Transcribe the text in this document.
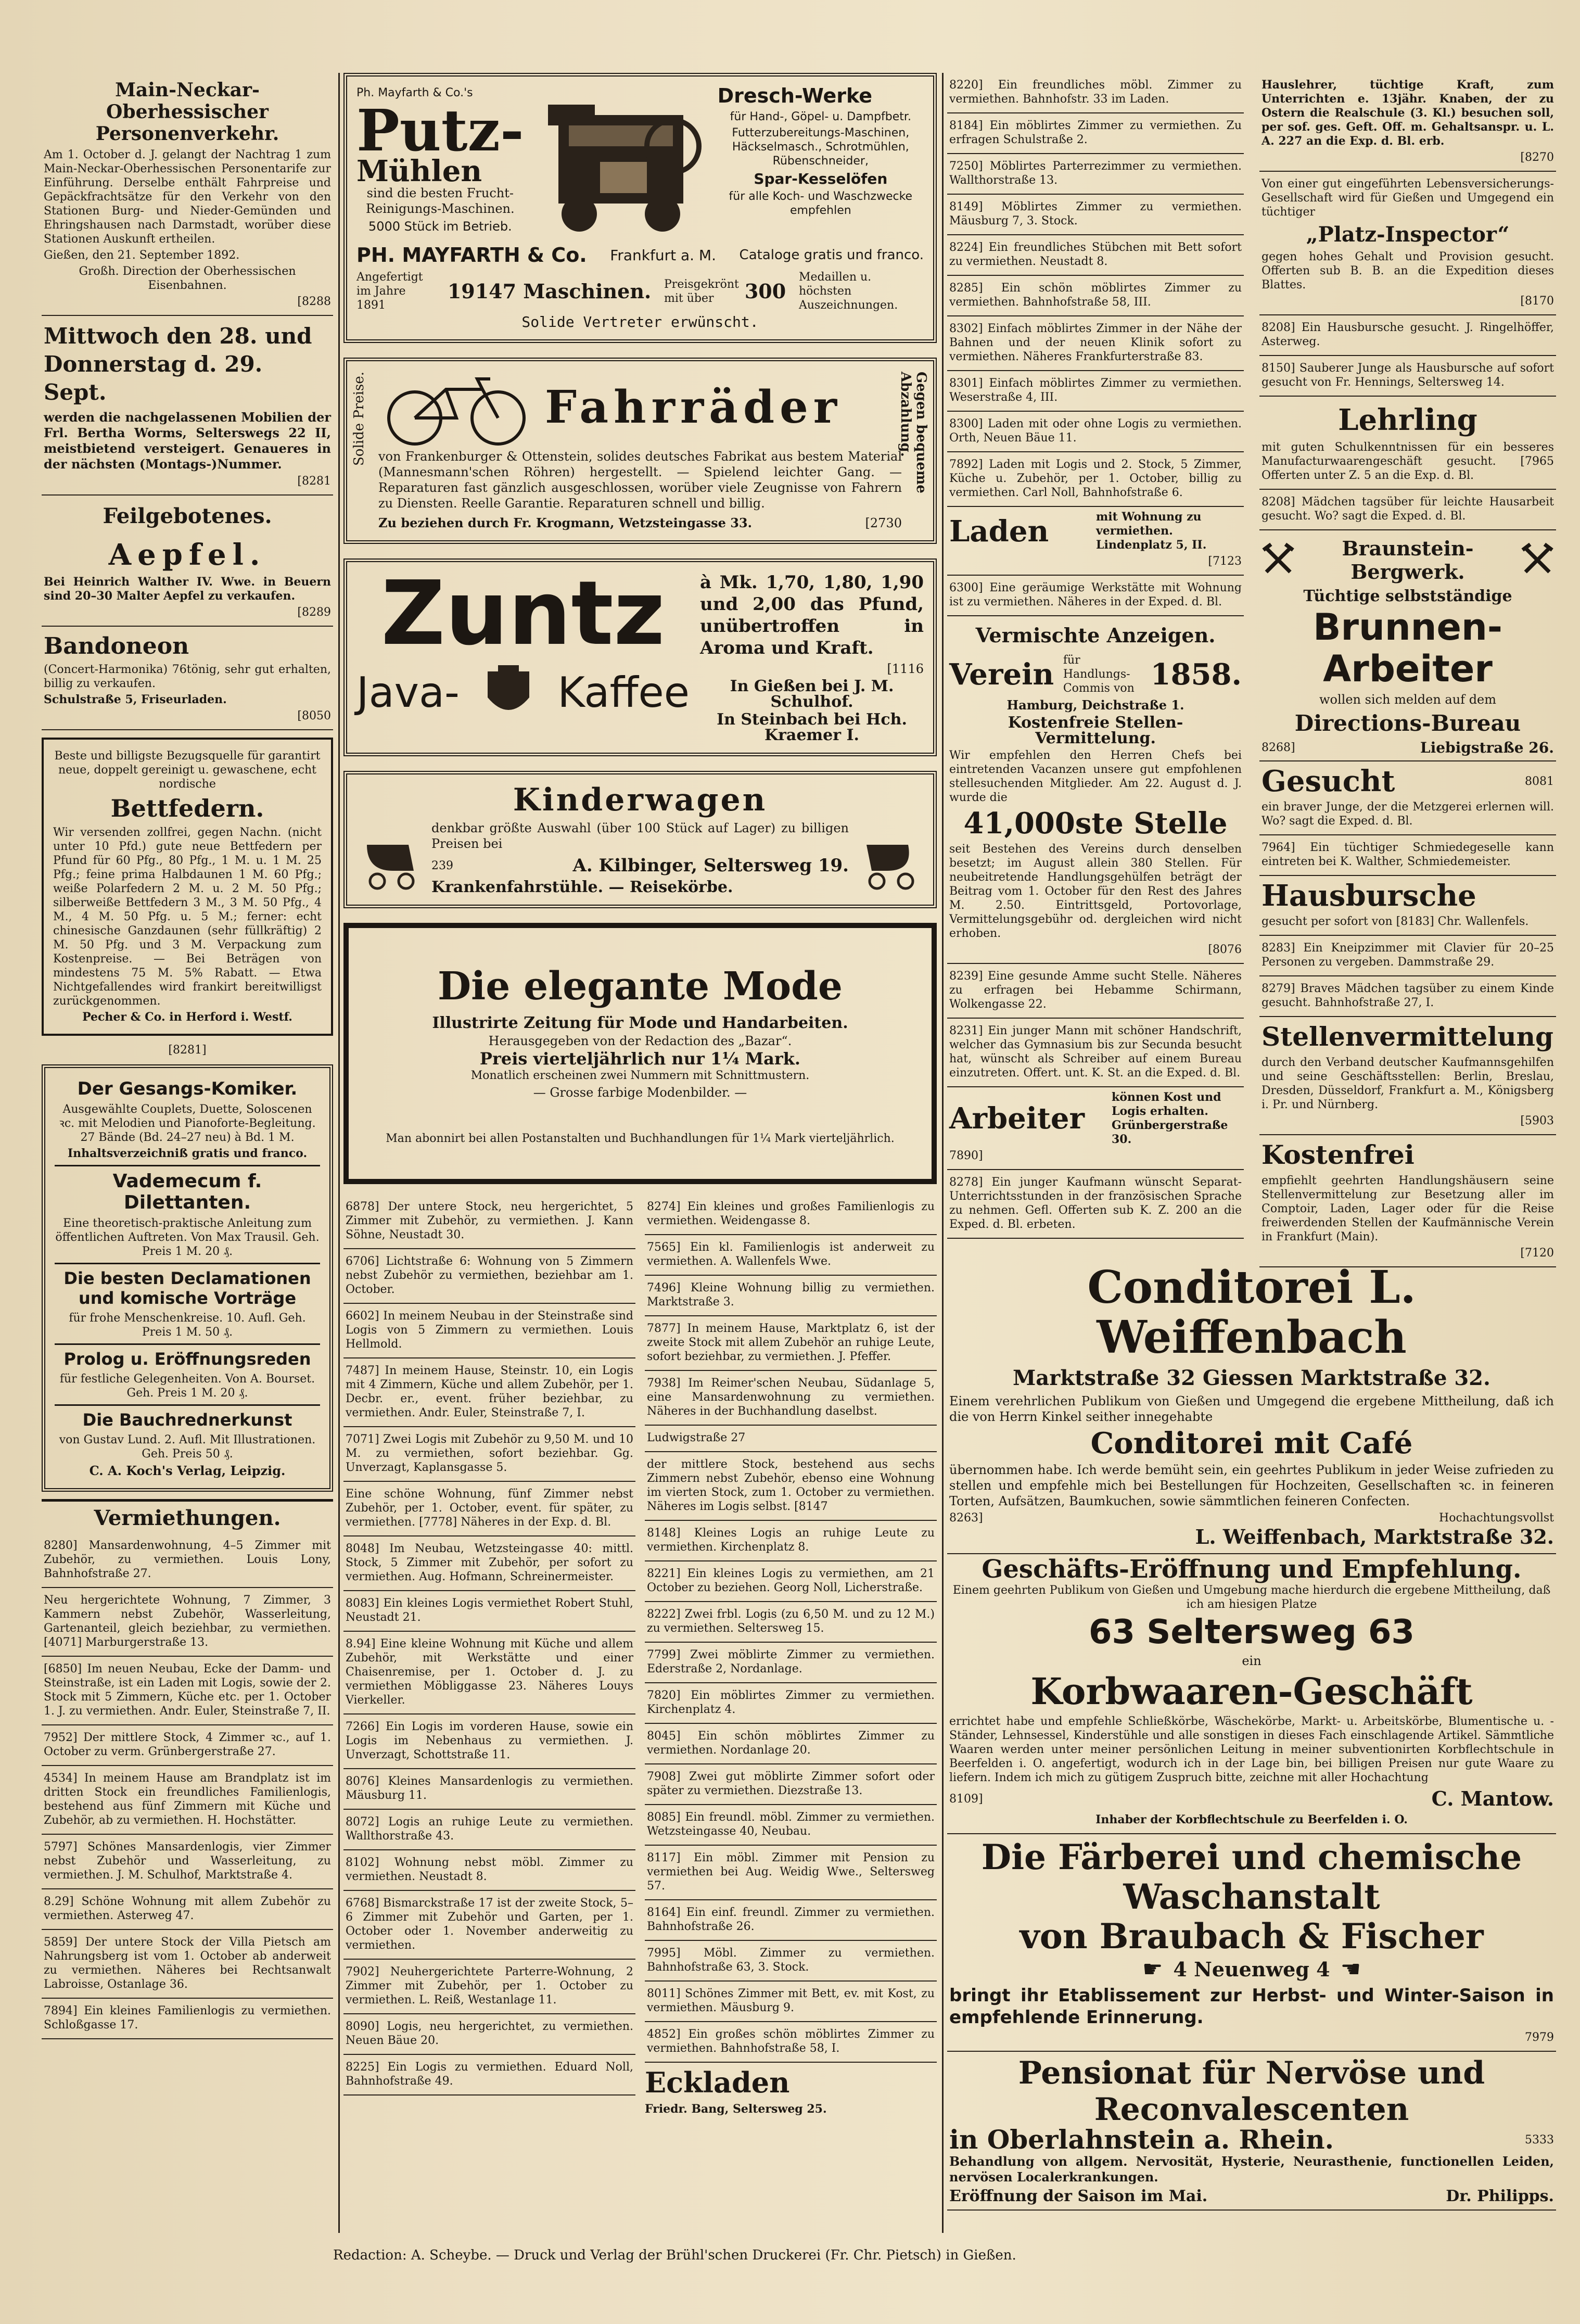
Main-Neckar-Oberhessischer Personenverkehr.

Am 1. October d. J. gelangt der Nachtrag 1 zum Main-Neckar-Oberhessischen Personentarife zur Einführung. Derselbe enthält Fahrpreise und Gepäckfrachtsätze für den Verkehr von den Stationen Burg- und Nieder-Gemünden und Ehringshausen nach Darmstadt, worüber diese Stationen Auskunft ertheilen.

Gießen, den 21. September 1892.

Großh. Direction der Oberhessischen Eisenbahnen.

[8288

Mittwoch den 28. und Donnerstag d. 29. Sept.

werden die nachgelassenen Mobilien der Frl. Bertha Worms, Selterswegs 22 II, meistbietend versteigert. Genaueres in der nächsten (Montags-)Nummer.

[8281

Feilgebotenes.
Aepfel.

Bei Heinrich Walther IV. Wwe. in Beuern sind 20–30 Malter Aepfel zu verkaufen.

[8289

Bandoneon

(Concert-Harmonika) 76tönig, sehr gut erhalten, billig zu verkaufen.

Schulstraße 5, Friseurladen.

[8050

Beste und billigste Bezugsquelle für garantirt neue, doppelt gereinigt u. gewaschene, echt nordische

Bettfedern.

Wir versenden zollfrei, gegen Nachn. (nicht unter 10 Pfd.) gute neue Bettfedern per Pfund für 60 Pfg., 80 Pfg., 1 M. u. 1 M. 25 Pfg.; feine prima Halbdaunen 1 M. 60 Pfg.; weiße Polarfedern 2 M. u. 2 M. 50 Pfg.; silberweiße Bettfedern 3 M., 3 M. 50 Pfg., 4 M., 4 M. 50 Pfg. u. 5 M.; ferner: echt chinesische Ganzdaunen (sehr füllkräftig) 2 M. 50 Pfg. und 3 M. Verpackung zum Kostenpreise. — Bei Beträgen von mindestens 75 M. 5% Rabatt. — Etwa Nichtgefallendes wird frankirt bereitwilligst zurückgenommen.

Pecher & Co. in Herford i. Westf.

[8281]

Der Gesangs-Komiker.

Ausgewählte Couplets, Duette, Soloscenen ꝛc. mit Melodien und Pianoforte-Begleitung. 27 Bände (Bd. 24–27 neu) à Bd. 1 M.

Inhaltsverzeichniß gratis und franco.

Vademecum f. Dilettanten.

Eine theoretisch-praktische Anleitung zum öffentlichen Auftreten. Von Max Trausil. Geh. Preis 1 M. 20 ₰.

Die besten Declamationen und komische Vorträge

für frohe Menschenkreise. 10. Aufl. Geh. Preis 1 M. 50 ₰.

Prolog u. Eröffnungsreden

für festliche Gelegenheiten. Von A. Bourset. Geh. Preis 1 M. 20 ₰.

Die Bauchrednerkunst

von Gustav Lund. 2. Aufl. Mit Illustrationen. Geh. Preis 50 ₰.

C. A. Koch's Verlag, Leipzig.

Vermiethungen.

8280] Mansardenwohnung, 4–5 Zimmer mit Zubehör, zu vermiethen. Louis Lony, Bahnhofstraße 27.

Neu hergerichtete Wohnung, 7 Zimmer, 3 Kammern nebst Zubehör, Wasserleitung, Gartenanteil, gleich beziehbar, zu vermiethen. [4071] Marburgerstraße 13.

[6850] Im neuen Neubau, Ecke der Damm- und Steinstraße, ist ein Laden mit Logis, sowie der 2. Stock mit 5 Zimmern, Küche etc. per 1. October 1. J. zu vermiethen. Andr. Euler, Steinstraße 7, II.

7952] Der mittlere Stock, 4 Zimmer ꝛc., auf 1. October zu verm. Grünbergerstraße 27.

4534] In meinem Hause am Brandplatz ist im dritten Stock ein freundliches Familienlogis, bestehend aus fünf Zimmern mit Küche und Zubehör, ab zu vermiethen. H. Hochstätter.

5797] Schönes Mansardenlogis, vier Zimmer nebst Zubehör und Wasserleitung, zu vermiethen. J. M. Schulhof, Marktstraße 4.

8.29] Schöne Wohnung mit allem Zubehör zu vermiethen. Asterweg 47.

5859] Der untere Stock der Villa Pietsch am Nahrungsberg ist vom 1. October ab anderweit zu vermiethen. Näheres bei Rechtsanwalt Labroisse, Ostanlage 36.

7894] Ein kleines Familienlogis zu vermiethen. Schloßgasse 17.

Ph. Mayfarth & Co.'s

Putz-
Mühlen

sind die besten Frucht-Reinigungs-Maschinen.

5000 Stück im Betrieb.

Dresch-Werke

für Hand-, Göpel- u. Dampfbetr.

Futterzubereitungs-Maschinen, Häckselmasch., Schrotmühlen, Rübenschneider,

Spar-Kesselöfen

für alle Koch- und Waschzwecke empfehlen

PH. MAYFARTH & Co. Frankfurt a. M. Cataloge gratis und franco.
Angefertigt im Jahre 1891
19147 Maschinen. Preisgekrönt mit über	300
Medaillen u. höchsten Auszeichnungen.

Solide Vertreter erwünscht.

Solide Preise.	Gegen bequeme Abzahlung.
Fahrräder

von Frankenburger & Ottenstein, solides deutsches Fabrikat aus bestem Material (Mannesmann'schen Röhren) hergestellt. — Spielend leichter Gang. — Reparaturen fast gänzlich ausgeschlossen, worüber viele Zeugnisse von Fahrern zu Diensten. Reelle Garantie. Reparaturen schnell und billig.

Zu beziehen durch Fr. Krogmann, Wetzsteingasse 33.	[2730

Zuntz
Java- Kaffee

à Mk. 1,70, 1,80, 1,90 und 2,00 das Pfund, unübertroffen in Aroma und Kraft.

[1116

In Gießen bei J. M. Schulhof.

In Steinbach bei Hch. Kraemer I.

Kinderwagen

denkbar größte Auswahl (über 100 Stück auf Lager) zu billigen Preisen bei

239	A. Kilbinger, Seltersweg 19.

Krankenfahrstühle. — Reisekörbe.

Die elegante Mode

Illustrirte Zeitung für Mode und Handarbeiten.

Herausgegeben von der Redaction des „Bazar“.

Preis vierteljährlich nur 1¼ Mark.

Monatlich erscheinen zwei Nummern mit Schnittmustern.

— Grosse farbige Modenbilder. —

Man abonnirt bei allen Postanstalten und Buchhandlungen für 1¼ Mark vierteljährlich.

6878] Der untere Stock, neu hergerichtet, 5 Zimmer mit Zubehör, zu vermiethen. J. Kann Söhne, Neustadt 30.

6706] Lichtstraße 6: Wohnung von 5 Zimmern nebst Zubehör zu vermiethen, beziehbar am 1. October.

6602] In meinem Neubau in der Steinstraße sind Logis von 5 Zimmern zu vermiethen. Louis Hellmold.

7487] In meinem Hause, Steinstr. 10, ein Logis mit 4 Zimmern, Küche und allem Zubehör, per 1. Decbr. er., event. früher beziehbar, zu vermiethen. Andr. Euler, Steinstraße 7, I.

7071] Zwei Logis mit Zubehör zu 9,50 M. und 10 M. zu vermiethen, sofort beziehbar. Gg. Unverzagt, Kaplansgasse 5.

Eine schöne Wohnung, fünf Zimmer nebst Zubehör, per 1. October, event. für später, zu vermiethen. [7778] Näheres in der Exp. d. Bl.

8048] Im Neubau, Wetzsteingasse 40: mittl. Stock, 5 Zimmer mit Zubehör, per sofort zu vermiethen. Aug. Hofmann, Schreinermeister.

8083] Ein kleines Logis vermiethet Robert Stuhl, Neustadt 21.

8.94] Eine kleine Wohnung mit Küche und allem Zubehör, mit Werkstätte und einer Chaisenremise, per 1. October d. J. zu vermiethen Möbliggasse 23. Näheres Louys Vierkeller.

7266] Ein Logis im vorderen Hause, sowie ein Logis im Nebenhaus zu vermiethen. J. Unverzagt, Schottstraße 11.

8076] Kleines Mansardenlogis zu vermiethen. Mäusburg 11.

8072] Logis an ruhige Leute zu vermiethen. Wallthorstraße 43.

8102] Wohnung nebst möbl. Zimmer zu vermiethen. Neustadt 8.

6768] Bismarckstraße 17 ist der zweite Stock, 5–6 Zimmer mit Zubehör und Garten, per 1. October oder 1. November anderweitig zu vermiethen.

7902] Neuhergerichtete Parterre-Wohnung, 2 Zimmer mit Zubehör, per 1. October zu vermiethen. L. Reiß, Westanlage 11.

8090] Logis, neu hergerichtet, zu vermiethen. Neuen Bäue 20.

8225] Ein Logis zu vermiethen. Eduard Noll, Bahnhofstraße 49.

8274] Ein kleines und großes Familienlogis zu vermiethen. Weidengasse 8.

7565] Ein kl. Familienlogis ist anderweit zu vermiethen. A. Wallenfels Wwe.

7496] Kleine Wohnung billig zu vermiethen. Marktstraße 3.

7877] In meinem Hause, Marktplatz 6, ist der zweite Stock mit allem Zubehör an ruhige Leute, sofort beziehbar, zu vermiethen. J. Pfeffer.

7938] Im Reimer'schen Neubau, Südanlage 5, eine Mansardenwohnung zu vermiethen. Näheres in der Buchhandlung daselbst.

Ludwigstraße 27

der mittlere Stock, bestehend aus sechs Zimmern nebst Zubehör, ebenso eine Wohnung im vierten Stock, zum 1. October zu vermiethen. Näheres im Logis selbst. [8147

8148] Kleines Logis an ruhige Leute zu vermiethen. Kirchenplatz 8.

8221] Ein kleines Logis zu vermiethen, am 21 October zu beziehen. Georg Noll, Licherstraße.

8222] Zwei frbl. Logis (zu 6,50 M. und zu 12 M.) zu vermiethen. Seltersweg 15.

7799] Zwei möblirte Zimmer zu vermiethen. Ederstraße 2, Nordanlage.

7820] Ein möblirtes Zimmer zu vermiethen. Kirchenplatz 4.

8045] Ein schön möblirtes Zimmer zu vermiethen. Nordanlage 20.

7908] Zwei gut möblirte Zimmer sofort oder später zu vermiethen. Diezstraße 13.

8085] Ein freundl. möbl. Zimmer zu vermiethen. Wetzsteingasse 40, Neubau.

8117] Ein möbl. Zimmer mit Pension zu vermiethen bei Aug. Weidig Wwe., Seltersweg 57.

8164] Ein einf. freundl. Zimmer zu vermiethen. Bahnhofstraße 26.

7995] Möbl. Zimmer zu vermiethen. Bahnhofstraße 63, 3. Stock.

8011] Schönes Zimmer mit Bett, ev. mit Kost, zu vermiethen. Mäusburg 9.

4852] Ein großes schön möblirtes Zimmer zu vermiethen. Bahnhofstraße 58, I.

Eckladen

Friedr. Bang, Seltersweg 25.

8220] Ein freundliches möbl. Zimmer zu vermiethen. Bahnhofstr. 33 im Laden.

8184] Ein möblirtes Zimmer zu vermiethen. Zu erfragen Schulstraße 2.

7250] Möblirtes Parterrezimmer zu vermiethen. Wallthorstraße 13.

8149] Möblirtes Zimmer zu vermiethen. Mäusburg 7, 3. Stock.

8224] Ein freundliches Stübchen mit Bett sofort zu vermiethen. Neustadt 8.

8285] Ein schön möblirtes Zimmer zu vermiethen. Bahnhofstraße 58, III.

8302] Einfach möblirtes Zimmer in der Nähe der Bahnen und der neuen Klinik sofort zu vermiethen. Näheres Frankfurterstraße 83.

8301] Einfach möblirtes Zimmer zu vermiethen. Weserstraße 4, III.

8300] Laden mit oder ohne Logis zu vermiethen. Orth, Neuen Bäue 11.

7892] Laden mit Logis und 2. Stock, 5 Zimmer, Küche u. Zubehör, per 1. October, billig zu vermiethen. Carl Noll, Bahnhofstraße 6.

Laden	mit Wohnung zu vermiethen. Lindenplatz 5, II.

[7123

6300] Eine geräumige Werkstätte mit Wohnung ist zu vermiethen. Näheres in der Exped. d. Bl.

Vermischte Anzeigen.
Verein für Handlungs-Commis von 1858.

Hamburg, Deichstraße 1.

Kostenfreie Stellen-Vermittelung.

Wir empfehlen den Herren Chefs bei eintretenden Vacanzen unsere gut empfohlenen stellesuchenden Mitglieder. Am 22. August d. J. wurde die

41,000ste Stelle

seit Bestehen des Vereins durch denselben besetzt; im August allein 380 Stellen. Für neubeitretende Handlungsgehülfen beträgt der Beitrag vom 1. October für den Rest des Jahres M. 2.50. Eintrittsgeld, Portovorlage, Vermittelungsgebühr od. dergleichen wird nicht erhoben.

[8076

8239] Eine gesunde Amme sucht Stelle. Näheres zu erfragen bei Hebamme Schirmann, Wolkengasse 22.

8231] Ein junger Mann mit schöner Handschrift, welcher das Gymnasium bis zur Secunda besucht hat, wünscht als Schreiber auf einem Bureau einzutreten. Offert. unt. K. St. an die Exped. d. Bl.

Arbeiter
können Kost und Logis erhalten. Grünbergerstraße 30.

7890]

8278] Ein junger Kaufmann wünscht Separat-Unterrichtsstunden in der französischen Sprache zu nehmen. Gefl. Offerten sub K. Z. 200 an die Exped. d. Bl. erbeten.

Hauslehrer, tüchtige Kraft, zum Unterrichten e. 13jähr. Knaben, der zu Ostern die Realschule (3. Kl.) besuchen soll, per sof. ges. Geft. Off. m. Gehaltsanspr. u. L. A. 227 an die Exp. d. Bl. erb.

[8270

Von einer gut eingeführten Lebensversicherungs-Gesellschaft wird für Gießen und Umgegend ein tüchtiger

„Platz-Inspector“

gegen hohes Gehalt und Provision gesucht. Offerten sub B. B. an die Expedition dieses Blattes.

[8170

8208] Ein Hausbursche gesucht. J. Ringelhöffer, Asterweg.

8150] Sauberer Junge als Hausbursche auf sofort gesucht von Fr. Hennings, Seltersweg 14.

Lehrling

mit guten Schulkenntnissen für ein besseres Manufacturwaarengeschäft gesucht. [7965 Offerten unter Z. 5 an die Exp. d. Bl.

8208] Mädchen tagsüber für leichte Hausarbeit gesucht. Wo? sagt die Exped. d. Bl.

Braunstein-Bergwerk.

Tüchtige selbstständige

Brunnen-Arbeiter

wollen sich melden auf dem

Directions-Bureau
8268]	Liebigstraße 26.
Gesucht	8081

ein braver Junge, der die Metzgerei erlernen will. Wo? sagt die Exped. d. Bl.

7964] Ein tüchtiger Schmiedegeselle kann eintreten bei K. Walther, Schmiedemeister.

Hausbursche

gesucht per sofort von [8183] Chr. Wallenfels.

8283] Ein Kneipzimmer mit Clavier für 20–25 Personen zu vergeben. Dammstraße 29.

8279] Braves Mädchen tagsüber zu einem Kinde gesucht. Bahnhofstraße 27, I.

Stellenvermittelung

durch den Verband deutscher Kaufmannsgehilfen und seine Geschäftsstellen: Berlin, Breslau, Dresden, Düsseldorf, Frankfurt a. M., Königsberg i. Pr. und Nürnberg.

[5903

Kostenfrei

empfiehlt geehrten Handlungshäusern seine Stellenvermittelung zur Besetzung aller im Comptoir, Laden, Lager oder für die Reise freiwerdenden Stellen der Kaufmännische Verein in Frankfurt (Main).

[7120

Conditorei L. Weiffenbach
Marktstraße 32 Giessen Marktstraße 32.

Einem verehrlichen Publikum von Gießen und Umgegend die ergebene Mittheilung, daß ich die von Herrn Kinkel seither innegehabte

Conditorei mit Café

übernommen habe. Ich werde bemüht sein, ein geehrtes Publikum in jeder Weise zufrieden zu stellen und empfehle mich bei Bestellungen für Hochzeiten, Gesellschaften ꝛc. in feineren Torten, Aufsätzen, Baumkuchen, sowie sämmtlichen feineren Confecten.

8263]	Hochachtungsvollst
L. Weiffenbach, Marktstraße 32.
Geschäfts-Eröffnung und Empfehlung.

Einem geehrten Publikum von Gießen und Umgebung mache hierdurch die ergebene Mittheilung, daß ich am hiesigen Platze

63 Seltersweg 63

ein

Korbwaaren-Geschäft

errichtet habe und empfehle Schließkörbe, Wäschekörbe, Markt- u. Arbeitskörbe, Blumentische u. -Ständer, Lehnsessel, Kinderstühle und alle sonstigen in dieses Fach einschlagende Artikel. Sämmtliche Waaren werden unter meiner persönlichen Leitung in meiner subventionirten Korbflechtschule in Beerfelden i. O. angefertigt, wodurch ich in der Lage bin, bei billigen Preisen nur gute Waare zu liefern. Indem ich mich zu gütigem Zuspruch bitte, zeichne mit aller Hochachtung

8109]	C. Mantow.

Inhaber der Korbflechtschule zu Beerfelden i. O.

Die Färberei und chemische Waschanstalt
von Braubach & Fischer
☛ 4 Neuenweg 4 ☚

bringt ihr Etablissement zur Herbst- und Winter-Saison in empfehlende Erinnerung.

7979

Pensionat für Nervöse und Reconvalescenten
in Oberlahnstein a. Rhein.	5333

Behandlung von allgem. Nervosität, Hysterie, Neurasthenie, functionellen Leiden, nervösen Localerkrankungen.

Eröffnung der Saison im Mai.	Dr. Philipps.
Redaction: A. Scheybe. — Druck und Verlag der Brühl'schen Druckerei (Fr. Chr. Pietsch) in Gießen.
